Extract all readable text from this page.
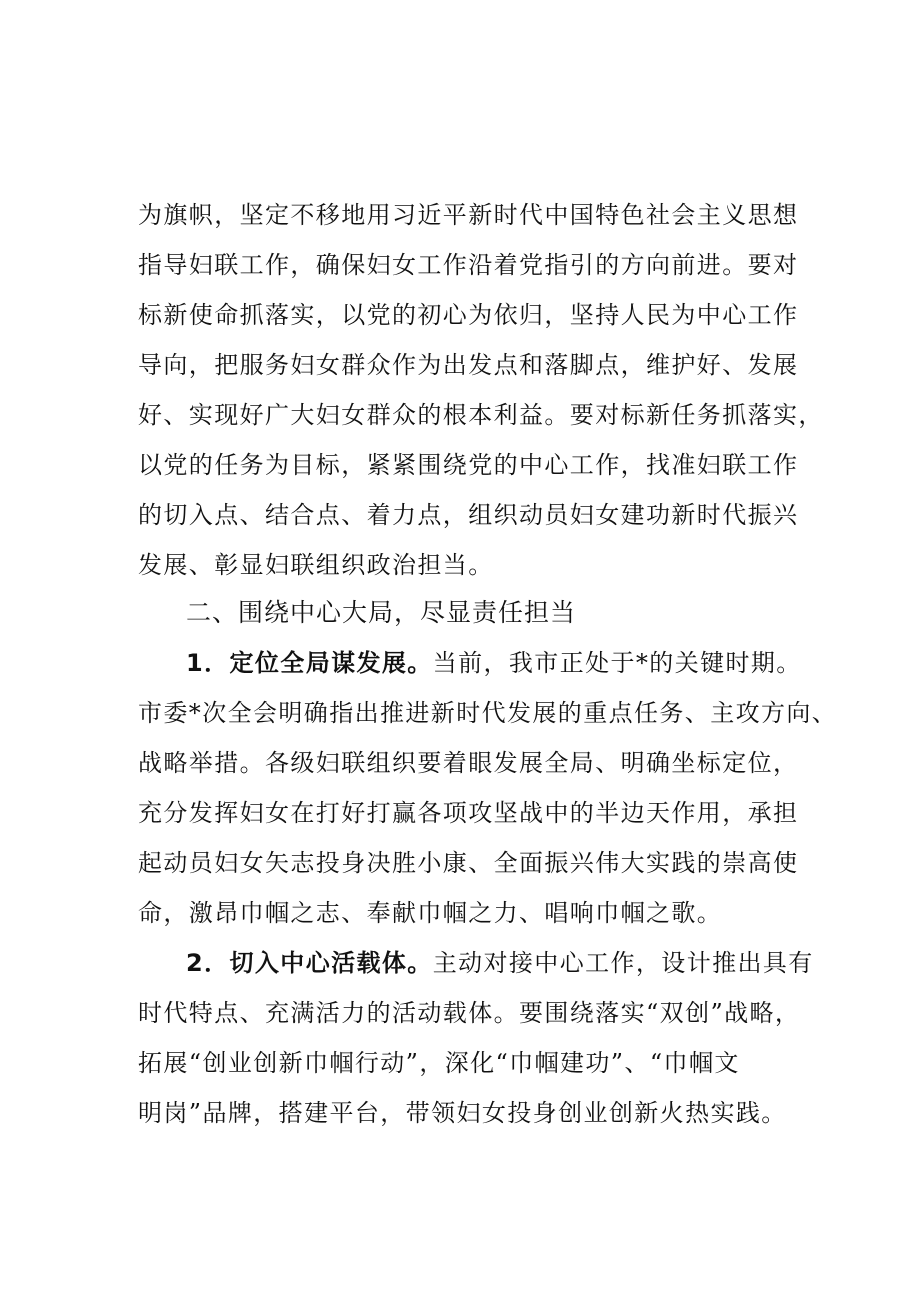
为旗帜，坚定不移地用习近平新时代中国特色社会主义思想
指导妇联工作，确保妇女工作沿着党指引的方向前进。要对
标新使命抓落实，以党的初心为依归，坚持人民为中心工作
导向，把服务妇女群众作为出发点和落脚点，维护好、发展
好、实现好广大妇女群众的根本利益。要对标新任务抓落实，
以党的任务为目标，紧紧围绕党的中心工作，找准妇联工作
的切入点、结合点、着力点，组织动员妇女建功新时代振兴
发展、彰显妇联组织政治担当。
二、围绕中心大局，尽显责任担当
1．定位全局谋发展。当前，我市正处于*的关键时期。
市委*次全会明确指出推进新时代发展的重点任务、主攻方向、
战略举措。各级妇联组织要着眼发展全局、明确坐标定位，
充分发挥妇女在打好打赢各项攻坚战中的半边天作用，承担
起动员妇女矢志投身决胜小康、全面振兴伟大实践的崇高使
命，激昂巾帼之志、奉献巾帼之力、唱响巾帼之歌。
2．切入中心活载体。主动对接中心工作，设计推出具有
时代特点、充满活力的活动载体。要围绕落实“双创”战略，
拓展“创业创新巾帼行动”，深化“巾帼建功”、“巾帼文
明岗”品牌，搭建平台，带领妇女投身创业创新火热实践。
